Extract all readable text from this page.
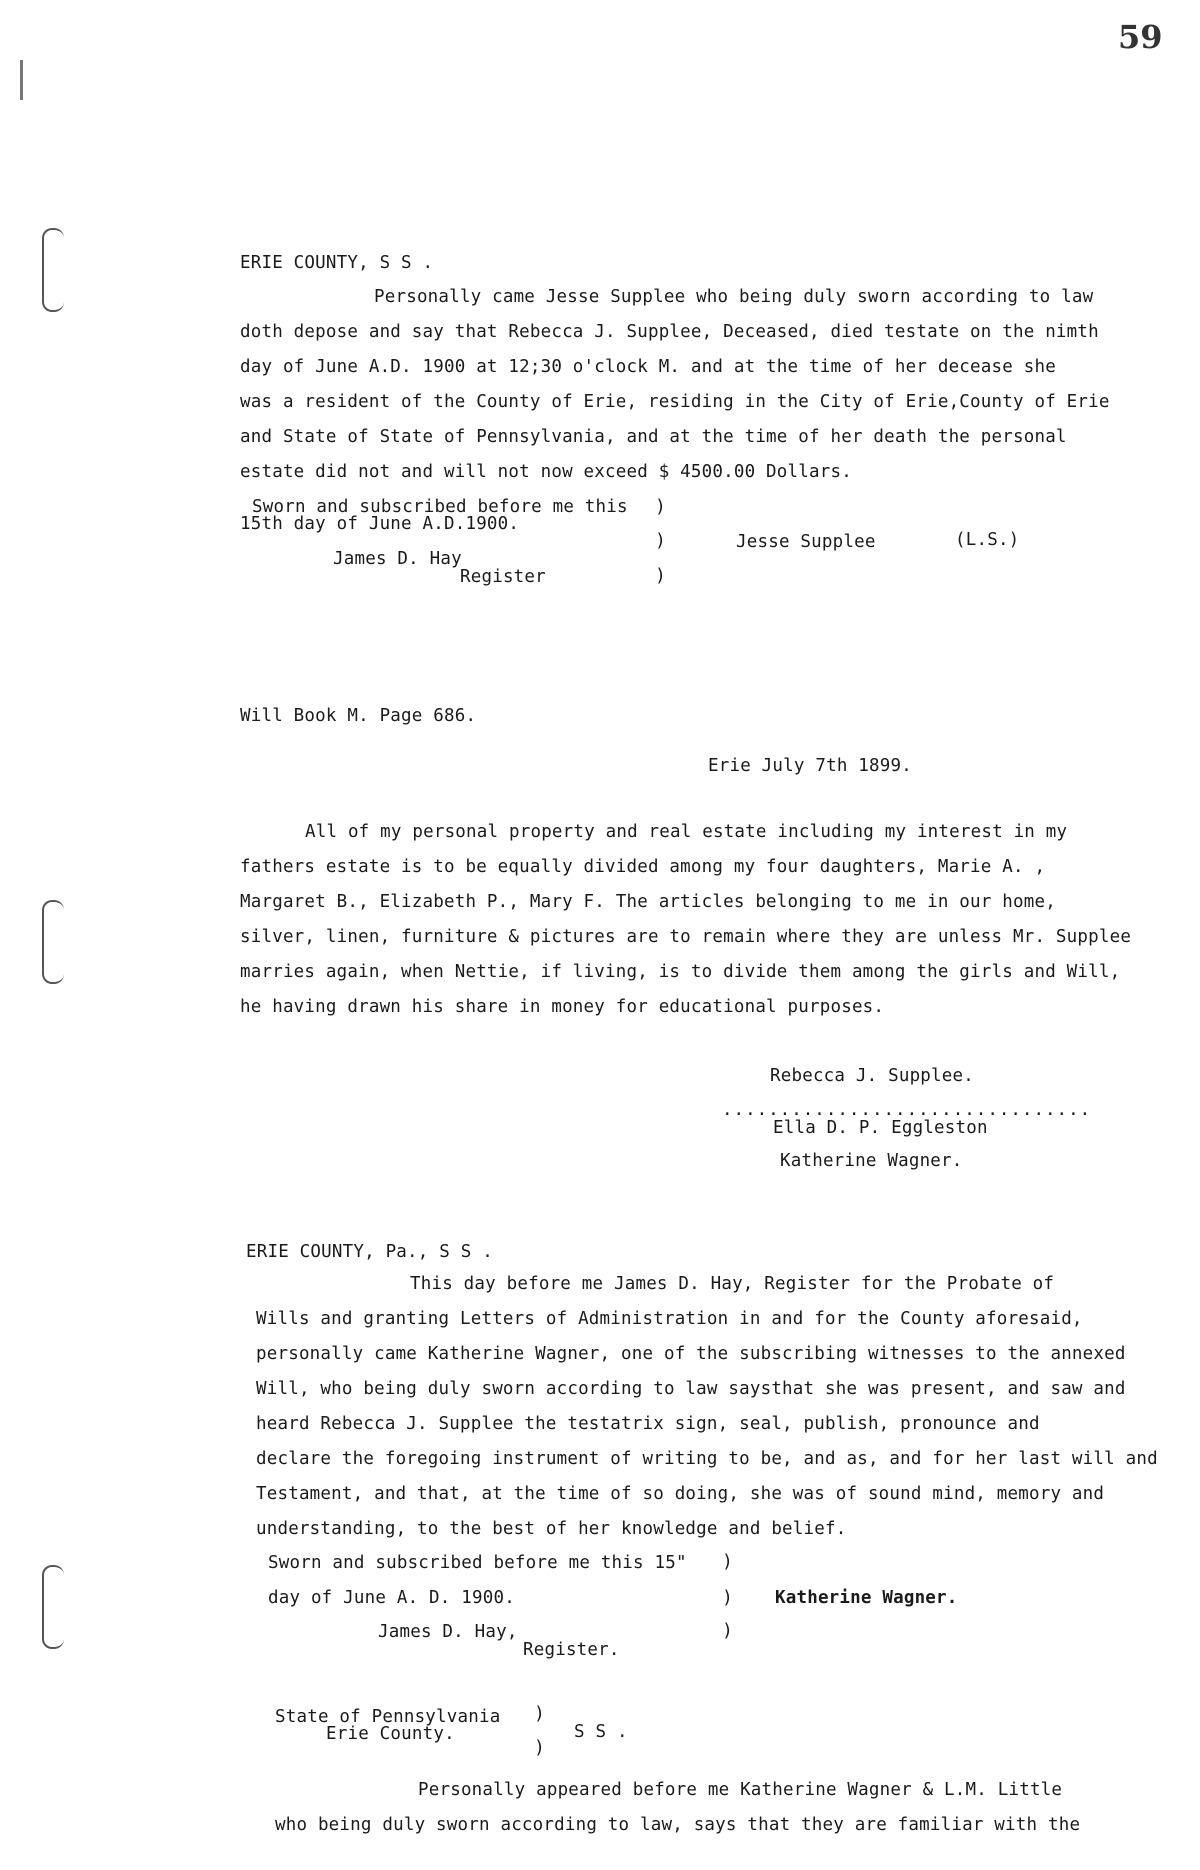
59
ERIE COUNTY, S S .
Personally came Jesse Supplee who being duly sworn according to law
doth depose and say that Rebecca J. Supplee, Deceased, died testate on the nimth
day of June A.D. 1900 at 12;30 o'clock M. and at the time of her decease she
was a resident of the County of Erie, residing in the City of Erie,County of Erie
and State of State of Pennsylvania, and at the time of her death the personal
estate did not and will not now exceed $ 4500.00 Dollars.
Sworn and subscribed before me this
15th day of June A.D.1900.
James D. Hay
Register
)
)
)
Jesse Supplee	(L.S.)
Will Book M. Page 686.
Erie July 7th 1899.
All of my personal property and real estate including my interest in my
fathers estate is to be equally divided among my four daughters, Marie A. ,
Margaret B., Elizabeth P., Mary F. The articles belonging to me in our home,
silver, linen, furniture & pictures are to remain where they are unless Mr. Supplee
marries again, when Nettie, if living, is to divide them among the girls and Will,
he having drawn his share in money for educational purposes.
Rebecca J. Supplee.
................................
Ella D. P. Eggleston
Katherine Wagner.
ERIE COUNTY, Pa., S S .
This day before me James D. Hay, Register for the Probate of
Wills and granting Letters of Administration in and for the County aforesaid,
personally came Katherine Wagner, one of the subscribing witnesses to the annexed
Will, who being duly sworn according to law saysthat she was present, and saw and
heard Rebecca J. Supplee the testatrix sign, seal, publish, pronounce and
declare the foregoing instrument of writing to be, and as, and for her last will and
Testament, and that, at the time of so doing, she was of sound mind, memory and
understanding, to the best of her knowledge and belief.
Sworn and subscribed before me this 15"
day of June A. D. 1900.
James D. Hay,
Register.
)
)
)
Katherine Wagner.
State of Pennsylvania
Erie County.
)
)
S S .
Personally appeared before me Katherine Wagner & L.M. Little
who being duly sworn according to law, says that they are familiar with the
